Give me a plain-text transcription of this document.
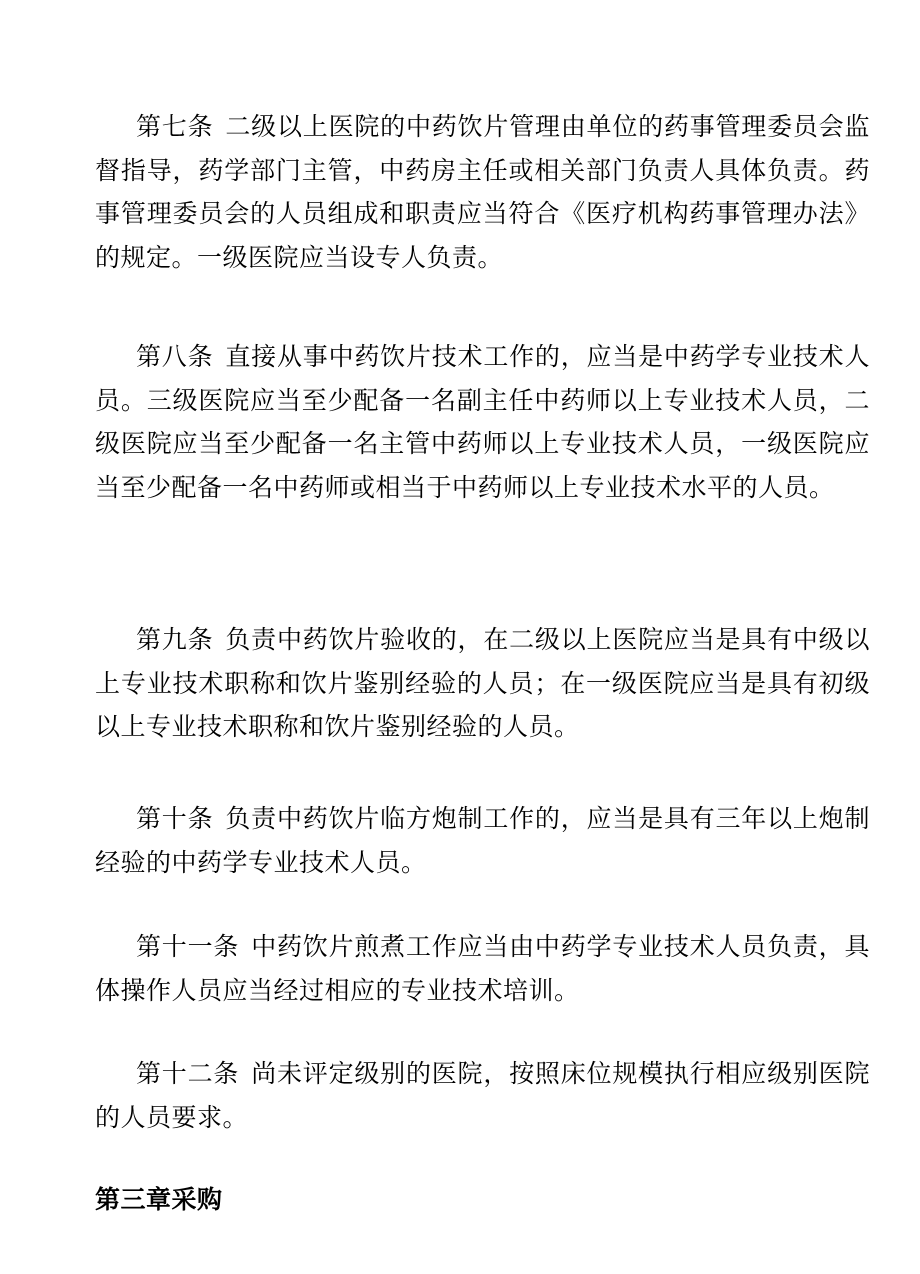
第七条 二级以上医院的中药饮片管理由单位的药事管理委员会监督指导，药学部门主管，中药房主任或相关部门负责人具体负责。药事管理委员会的人员组成和职责应当符合《医疗机构药事管理办法》的规定。一级医院应当设专人负责。

第八条 直接从事中药饮片技术工作的，应当是中药学专业技术人员。三级医院应当至少配备一名副主任中药师以上专业技术人员，二级医院应当至少配备一名主管中药师以上专业技术人员，一级医院应当至少配备一名中药师或相当于中药师以上专业技术水平的人员。

第九条 负责中药饮片验收的，在二级以上医院应当是具有中级以上专业技术职称和饮片鉴别经验的人员；在一级医院应当是具有初级以上专业技术职称和饮片鉴别经验的人员。

第十条 负责中药饮片临方炮制工作的，应当是具有三年以上炮制经验的中药学专业技术人员。

第十一条 中药饮片煎煮工作应当由中药学专业技术人员负责，具体操作人员应当经过相应的专业技术培训。

第十二条 尚未评定级别的医院，按照床位规模执行相应级别医院的人员要求。

第三章采购
